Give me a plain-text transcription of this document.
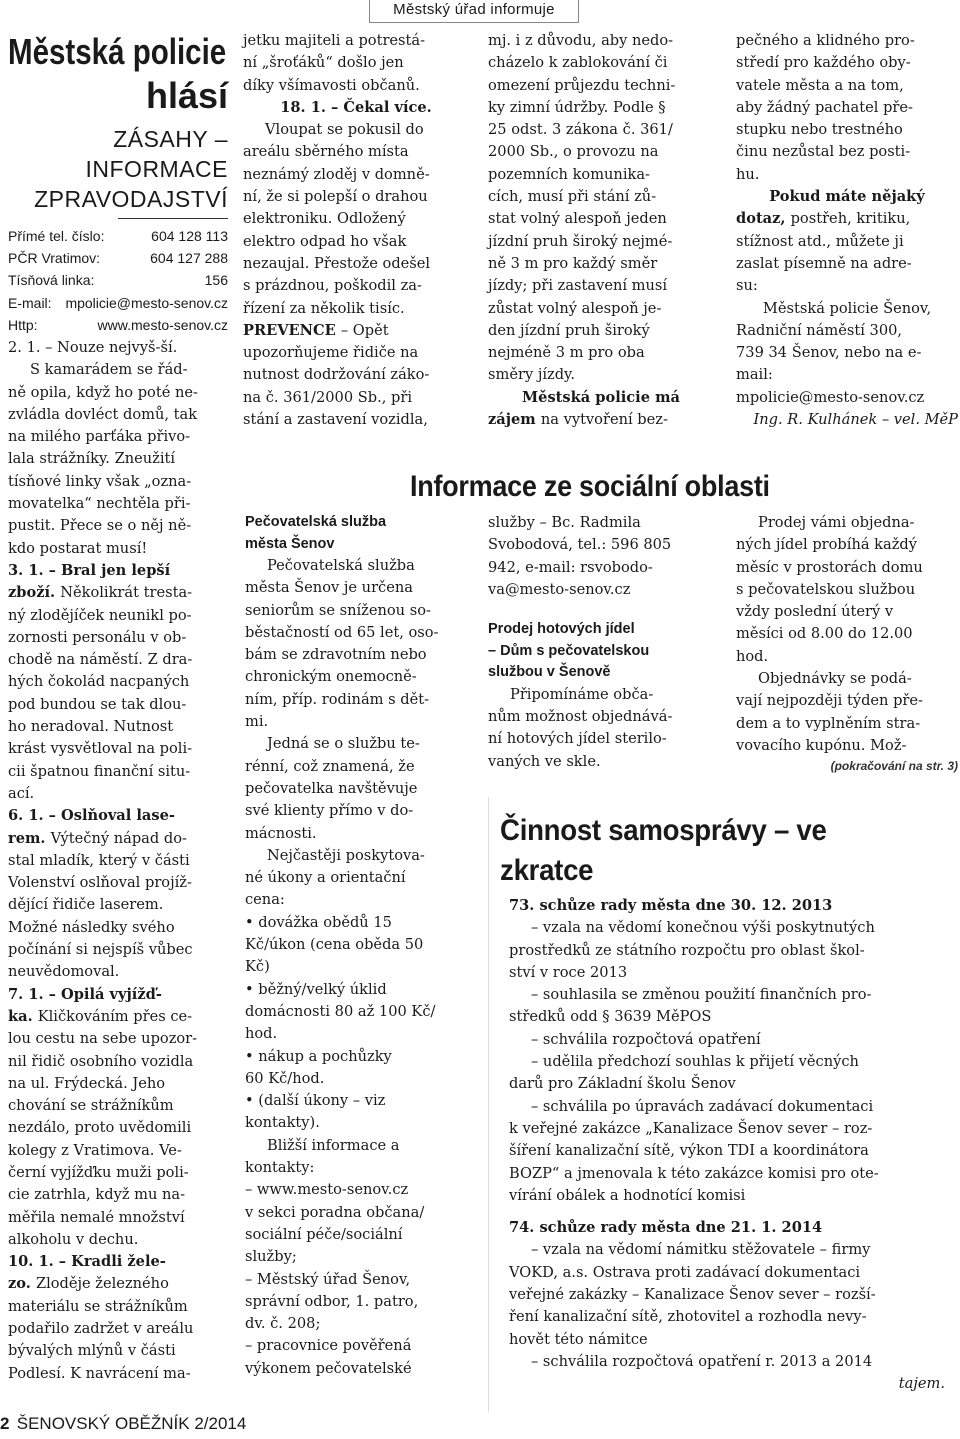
Městský úřad informuje
Městská policie
hlásí
ZÁSAHY – INFORMACE
ZPRAVODAJSTVÍ
Přímé tel. číslo:	604 128 113
PČR Vratimov:	604 127 288
Tísňová linka:	156
E-mail: mpolicie@mesto-senov.cz
Http:	www.mesto-senov.cz
2. 1. – Nouze nejvyš-ší.
S kamarádem se řád-
ně opila, když ho poté ne-
zvládla dovléct domů, tak
na milého parťáka přivo-
lala strážníky. Zneužití
tísňové linky však „ozna-
movatelka“ nechtěla při-
pustit. Přece se o něj ně-
kdo postarat musí!
3. 1. – Bral jen lepší
zboží. Několikrát tresta-
ný zlodějíček neunikl po-
zornosti personálu v ob-
chodě na náměstí. Z dra-
hých čokolád nacpaných
pod bundou se tak dlou-
ho neradoval. Nutnost
krást vysvětloval na poli-
cii špatnou finanční situ-
ací.
6. 1. – Oslňoval lase-
rem. Výtečný nápad do-
stal mladík, který v části
Volenství oslňoval projíž-
dějící řidiče laserem.
Možné následky svého
počínání si nejspíš vůbec
neuvědomoval.
7. 1. – Opilá vyjížď-
ka. Kličkováním přes ce-
lou cestu na sebe upozor-
nil řidič osobního vozidla
na ul. Frýdecká. Jeho
chování se strážníkům
nezdálo, proto uvědomili
kolegy z Vratimova. Ve-
černí vyjížďku muži poli-
cie zatrhla, když mu na-
měřila nemalé množství
alkoholu v dechu.
10. 1. – Kradli žele-
zo. Zloděje železného
materiálu se strážníkům
podařilo zadržet v areálu
bývalých mlýnů v části
Podlesí. K navrácení ma-
jetku majiteli a potrestá-
ní „šroťáků“ došlo jen
díky všímavosti občanů.
18. 1. – Čekal více.
Vloupat se pokusil do
areálu sběrného místa
neznámý zloděj v domně-
ní, že si polepší o drahou
elektroniku. Odložený
elektro odpad ho však
nezaujal. Přestože odešel
s prázdnou, poškodil za-
řízení za několik tisíc.
PREVENCE – Opět
upozorňujeme řidiče na
nutnost dodržování záko-
na č. 361/2000 Sb., při
stání a zastavení vozidla,
mj. i z důvodu, aby nedo-
cházelo k zablokování či
omezení průjezdu techni-
ky zimní údržby. Podle §
25 odst. 3 zákona č. 361/
2000 Sb., o provozu na
pozemních komunika-
cích, musí při stání zů-
stat volný alespoň jeden
jízdní pruh široký nejmé-
ně 3 m pro každý směr
jízdy; při zastavení musí
zůstat volný alespoň je-
den jízdní pruh široký
nejméně 3 m pro oba
směry jízdy.
Městská policie má
zájem na vytvoření bez-
pečného a klidného pro-
středí pro každého oby-
vatele města a na tom,
aby žádný pachatel pře-
stupku nebo trestného
činu nezůstal bez posti-
hu.
Pokud máte nějaký
dotaz, postřeh, kritiku,
stížnost atd., můžete ji
zaslat písemně na adre-
su:
Městská policie Šenov,
Radniční náměstí 300,
739 34 Šenov, nebo na e-
mail:
mpolicie@mesto-senov.cz
Ing. R. Kulhánek – vel. MěP
Informace ze sociální oblasti
Pečovatelská služba
města Šenov
Pečovatelská služba
města Šenov je určena
seniorům se sníženou so-
běstačností od 65 let, oso-
bám se zdravotním nebo
chronickým onemocně-
ním, příp. rodinám s dět-
mi.
Jedná se o službu te-
rénní, což znamená, že
pečovatelka navštěvuje
své klienty přímo v do-
mácnosti.
Nejčastěji poskytova-
né úkony a orientační
cena:
• dovážka obědů 15
Kč/úkon (cena oběda 50
Kč)
• běžný/velký úklid
domácnosti 80 až 100 Kč/
hod.
• nákup a pochůzky
60 Kč/hod.
• (další úkony – viz
kontakty).
Bližší informace a
kontakty:
– www.mesto-senov.cz
v sekci poradna občana/
sociální péče/sociální
služby;
– Městský úřad Šenov,
správní odbor, 1. patro,
dv. č. 208;
– pracovnice pověřená
výkonem pečovatelské
služby – Bc. Radmila
Svobodová, tel.: 596 805
942, e-mail: rsvobodo-
va@mesto-senov.cz
Prodej hotových jídel
– Dům s pečovatelskou
službou v Šenově
Připomínáme obča-
nům možnost objednává-
ní hotových jídel sterilo-
vaných ve skle.
Prodej vámi objedna-
ných jídel probíhá každý
měsíc v prostorách domu
s pečovatelskou službou
vždy poslední úterý v
měsíci od 8.00 do 12.00
hod.
Objednávky se podá-
vají nejpozději týden pře-
dem a to vyplněním stra-
vovacího kupónu. Mož-
(pokračování na str. 3)
Činnost samosprávy – ve zkratce
73. schůze rady města dne 30. 12. 2013
– vzala na vědomí konečnou výši poskytnutých
prostředků ze státního rozpočtu pro oblast škol-
ství v roce 2013
– souhlasila se změnou použití finančních pro-
středků odd § 3639 MěPOS
– schválila rozpočtová opatření
– udělila předchozí souhlas k přijetí věcných
darů pro Základní školu Šenov
– schválila po úpravách zadávací dokumentaci
k veřejné zakázce „Kanalizace Šenov sever – roz-
šíření kanalizační sítě, výkon TDI a koordinátora
BOZP“ a jmenovala k této zakázce komisi pro ote-
vírání obálek a hodnotící komisi
74. schůze rady města dne 21. 1. 2014
– vzala na vědomí námitku stěžovatele – firmy
VOKD, a.s. Ostrava proti zadávací dokumentaci
veřejné zakázky – Kanalizace Šenov sever – rozší-
ření kanalizační sítě, zhotovitel a rozhodla nevy-
hovět této námitce
– schválila rozpočtová opatření r. 2013 a 2014
tajem.
2 ŠENOVSKÝ OBĚŽNÍK 2/2014
